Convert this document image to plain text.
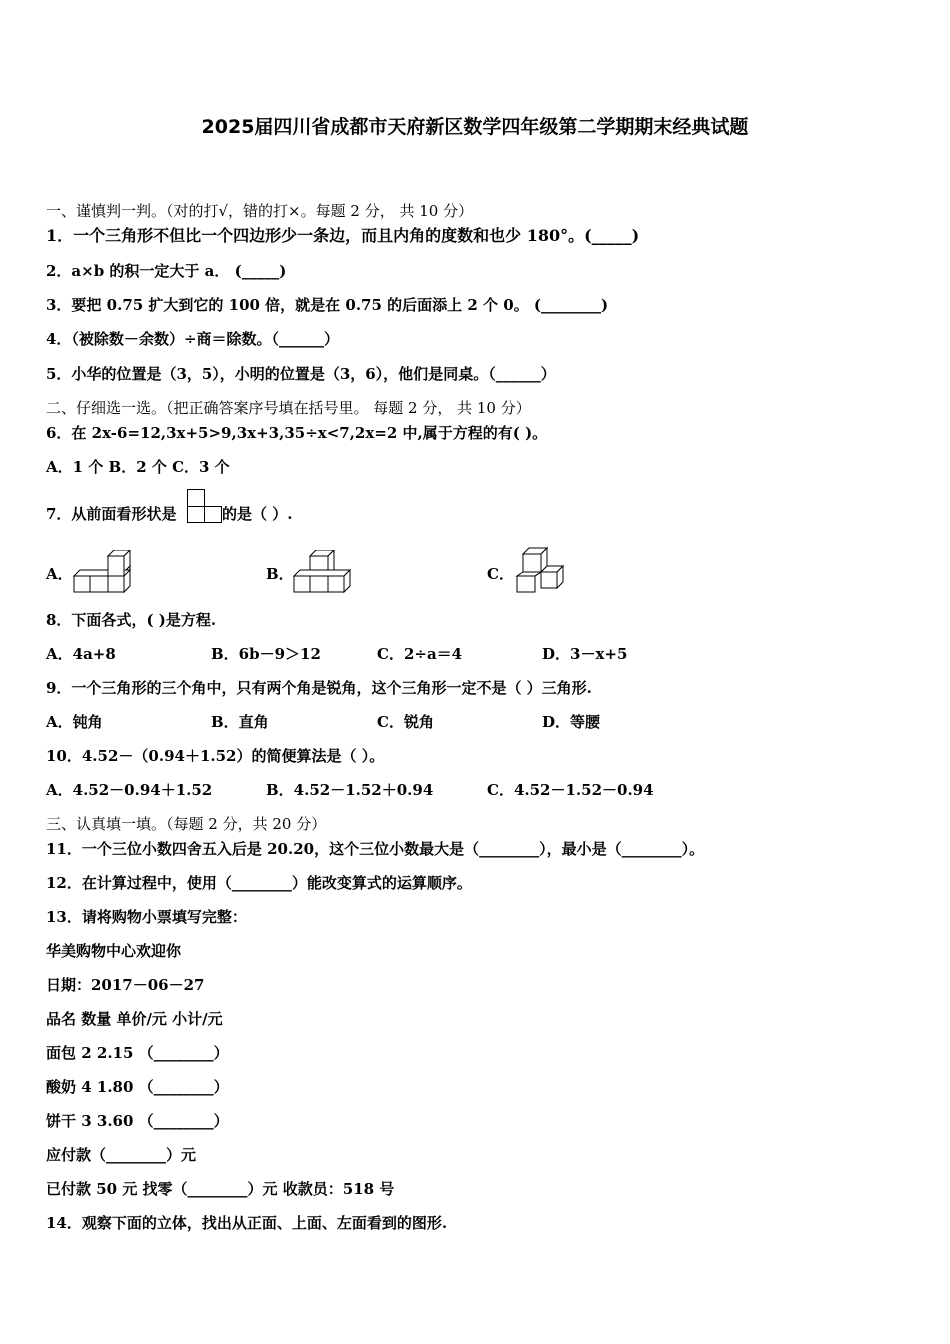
2025届四川省成都市天府新区数学四年级第二学期期末经典试题
一、谨慎判一判。（对的打√，错的打×。每题 2 分， 共 10 分）
1．一个三角形不但比一个四边形少一条边，而且内角的度数和也少 180°。(_____)
2．a×b 的积一定大于 a． (_____)
3．要把 0.75 扩大到它的 100 倍，就是在 0.75 的后面添上 2 个 0。 (________)
4．（被除数－余数）÷商＝除数。（______）
5．小华的位置是（3，5），小明的位置是（3，6），他们是同桌。（______）
二、仔细选一选。（把正确答案序号填在括号里。 每题 2 分， 共 10 分）
6．在 2x-6=12,3x+5>9,3x+3,35÷x<7,2x=2 中,属于方程的有( )。
A．1 个 B．2 个 C．3 个
7．从前面看形状是	的是（ ）.
A．	B．	C．
8．下面各式，( )是方程.
A．4a+8	B．6b－9＞12	C．2÷a＝4	D．3－x+5
9．一个三角形的三个角中，只有两个角是锐角，这个三角形一定不是（ ）三角形.
A．钝角	B．直角	C．锐角	D．等腰
10．4.52－（0.94＋1.52）的简便算法是（ ）。
A．4.52－0.94＋1.52	B．4.52－1.52＋0.94	C．4.52－1.52－0.94
三、认真填一填。（每题 2 分，共 20 分）
11．一个三位小数四舍五入后是 20.20，这个三位小数最大是（________），最小是（________）。
12．在计算过程中，使用（________）能改变算式的运算顺序。
13．请将购物小票填写完整：
华美购物中心欢迎你
日期：2017－06－27
品名 数量 单价/元 小计/元
面包 2 2.15 （________）
酸奶 4 1.80 （________）
饼干 3 3.60 （________）
应付款（________）元
已付款 50 元 找零（________）元 收款员：518 号
14．观察下面的立体，找出从正面、上面、左面看到的图形.
